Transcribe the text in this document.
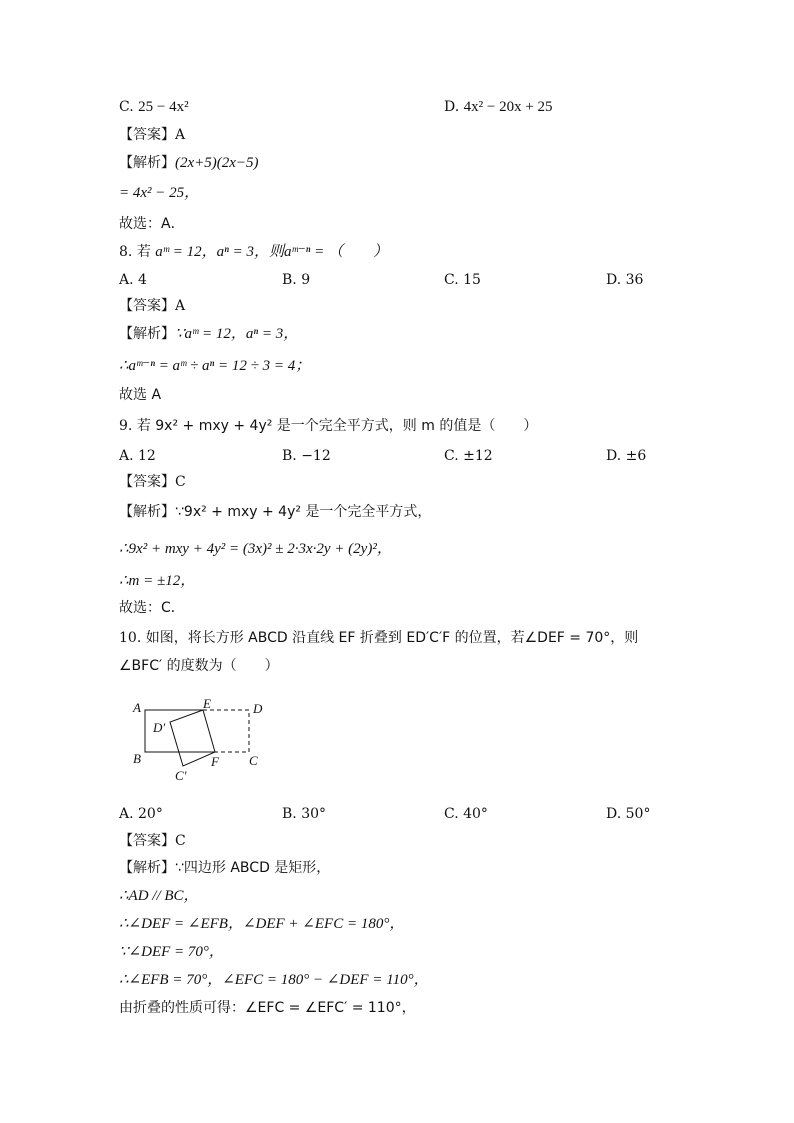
C. 25 − 4x²	D. 4x² − 20x + 25
【答案】A
【解析】(2x+5)(2x−5)
= 4x² − 25，
故选：A．
8. 若 aᵐ = 12，aⁿ = 3，则aᵐ⁻ⁿ = （　　）
A. 4	B. 9	C. 15	D. 36
【答案】A
【解析】∵aᵐ = 12，aⁿ = 3，
∴aᵐ⁻ⁿ = aᵐ ÷ aⁿ = 12 ÷ 3 = 4；
故选 A
9. 若 9x² + mxy + 4y² 是一个完全平方式，则 m 的值是（　　）
A. 12	B. −12	C. ±12	D. ±6
【答案】C
【解析】∵9x² + mxy + 4y² 是一个完全平方式，
∴9x² + mxy + 4y² = (3x)² ± 2·3x·2y + (2y)²，
∴m = ±12，
故选：C．
10. 如图，将长方形 ABCD 沿直线 EF 折叠到 ED′C′F 的位置，若∠DEF = 70°，则
∠BFC′ 的度数为（　　）
A
B	C
D
E
F
D′
C′
A. 20°	B. 30°	C. 40°	D. 50°
【答案】C
【解析】∵四边形 ABCD 是矩形，
∴AD // BC，
∴∠DEF = ∠EFB，∠DEF + ∠EFC = 180°，
∵∠DEF = 70°，
∴∠EFB = 70°，∠EFC = 180° − ∠DEF = 110°，
由折叠的性质可得：∠EFC = ∠EFC′ = 110°，
